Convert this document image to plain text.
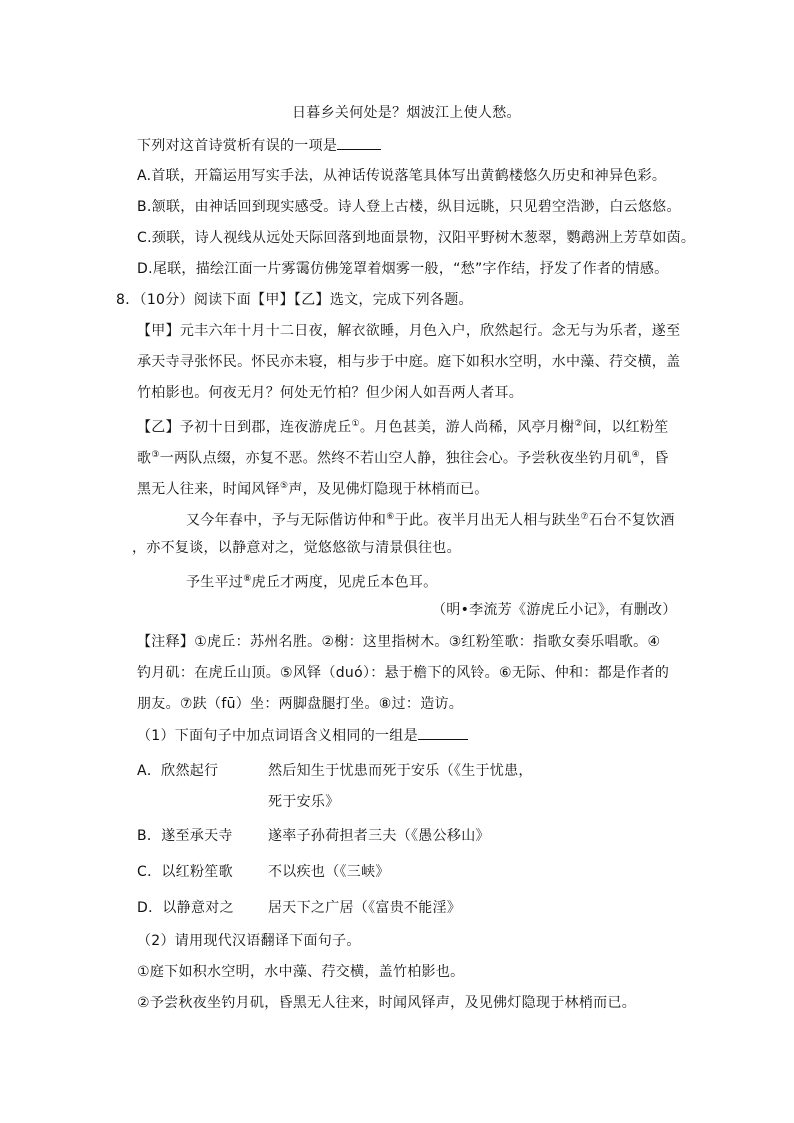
日暮乡关何处是？烟波江上使人愁。
下列对这首诗赏析有误的一项是
A.首联，开篇运用写实手法，从神话传说落笔具体写出黄鹤楼悠久历史和神异色彩。
B.颔联，由神话回到现实感受。诗人登上古楼，纵目远眺，只见碧空浩渺，白云悠悠。
C.颈联，诗人视线从远处天际回落到地面景物，汉阳平野树木葱翠，鹦鹉洲上芳草如茵。
D.尾联，描绘江面一片雾霭仿佛笼罩着烟雾一般，“愁”字作结，抒发了作者的情感。
8．（10分）阅读下面【甲】【乙】选文，完成下列各题。
【甲】元丰六年十月十二日夜，解衣欲睡，月色入户，欣然起行。念无与为乐者，遂至
承天寺寻张怀民。怀民亦未寝，相与步于中庭。庭下如积水空明，水中藻、荇交横，盖
竹柏影也。何夜无月？何处无竹柏？但少闲人如吾两人者耳。
【乙】予初十日到郡，连夜游虎丘①。月色甚美，游人尚稀，风亭月榭②间，以红粉笙
歌③一两队点缀，亦复不恶。然终不若山空人静，独往会心。予尝秋夜坐钓月矶④，昏
黑无人往来，时闻风铎⑤声，及见佛灯隐现于林梢而已。
又今年春中，予与无际偕访仲和⑥于此。夜半月出无人相与趺坐⑦石台不复饮酒
，亦不复谈，以静意对之，觉悠悠欲与清景俱往也。
予生平过⑧虎丘才两度，见虎丘本色耳。
（明•李流芳《游虎丘小记》，有删改）
【注释】①虎丘：苏州名胜。②榭：这里指树木。③红粉笙歌：指歌女奏乐唱歌。④
钓月矶：在虎丘山顶。⑤风铎（duó）：悬于檐下的风铃。⑥无际、仲和：都是作者的
朋友。⑦趺（fū）坐：两脚盘腿打坐。⑧过：造访。
（1）下面句子中加点词语含义相同的一组是
A．欣然起行	然后知生于忧患而死于安乐（《生于忧患，
死于安乐》
B．遂至承天寺	遂率子孙荷担者三夫（《愚公移山》
C．以红粉笙歌	不以疾也（《三峡》
D．以静意对之 居天下之广居（《富贵不能淫》
（2）请用现代汉语翻译下面句子。
①庭下如积水空明，水中藻、荇交横，盖竹柏影也。
②予尝秋夜坐钓月矶，昏黑无人往来，时闻风铎声，及见佛灯隐现于林梢而已。
